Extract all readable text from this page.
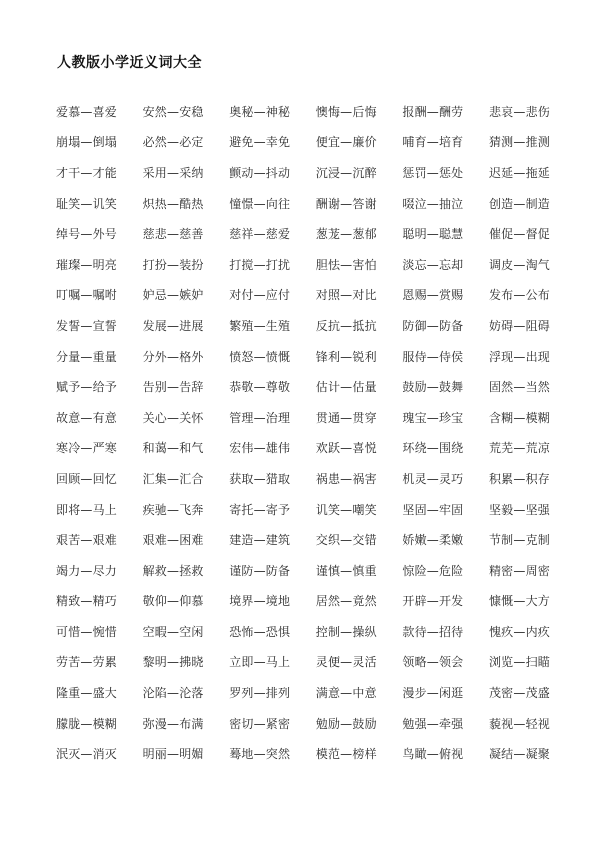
人教版小学近义词大全
爱慕—喜爱 安然—安稳 奥秘—神秘 懊悔—后悔 报酬—酬劳 悲哀—悲伤
崩塌—倒塌 必然—必定 避免—幸免 便宜—廉价 哺育—培育 猜测—推测
才干—才能 采用—采纳 颤动—抖动 沉浸—沉醉 惩罚—惩处 迟延—拖延
耻笑—讥笑 炽热—酷热 憧憬—向往 酬谢—答谢 啜泣—抽泣 创造—制造
绰号—外号 慈悲—慈善 慈祥—慈爱 葱茏—葱郁 聪明—聪慧 催促—督促
璀璨—明亮 打扮—装扮 打搅—打扰 胆怯—害怕 淡忘—忘却 调皮—淘气
叮嘱—嘱咐 妒忌—嫉妒 对付—应付 对照—对比 恩赐—赏赐 发布—公布
发誓—宣誓 发展—进展 繁殖—生殖 反抗—抵抗 防御—防备 妨碍—阻碍
分量—重量 分外—格外 愤怒—愤慨 锋利—锐利 服侍—侍侯 浮现—出现
赋予—给予 告别—告辞 恭敬—尊敬 估计—估量 鼓励—鼓舞 固然—当然
故意—有意 关心—关怀 管理—治理 贯通—贯穿 瑰宝—珍宝 含糊—模糊
寒冷—严寒 和蔼—和气 宏伟—雄伟 欢跃—喜悦 环绕—围绕 荒芜—荒凉
回顾—回忆 汇集—汇合 获取—猎取 祸患—祸害 机灵—灵巧 积累—积存
即将—马上 疾驰—飞奔 寄托—寄予 讥笑—嘲笑 坚固—牢固 坚毅—坚强
艰苦—艰难 艰难—困难 建造—建筑 交织—交错 娇嫩—柔嫩 节制—克制
竭力—尽力 解救—拯救 谨防—防备 谨慎—慎重 惊险—危险 精密—周密
精致—精巧 敬仰—仰慕 境界—境地 居然—竟然 开辟—开发 慷慨—大方
可惜—惋惜 空暇—空闲 恐怖—恐惧 控制—操纵 款待—招待 愧疚—内疚
劳苦—劳累 黎明—拂晓 立即—马上 灵便—灵活 领略—领会 浏览—扫瞄
隆重—盛大 沦陷—沦落 罗列—排列 满意—中意 漫步—闲逛 茂密—茂盛
朦胧—模糊 弥漫—布满 密切—紧密 勉励—鼓励 勉强—牵强 藐视—轻视
泯灭—消灭 明丽—明媚 蓦地—突然 模范—榜样 鸟瞰—俯视 凝结—凝聚
